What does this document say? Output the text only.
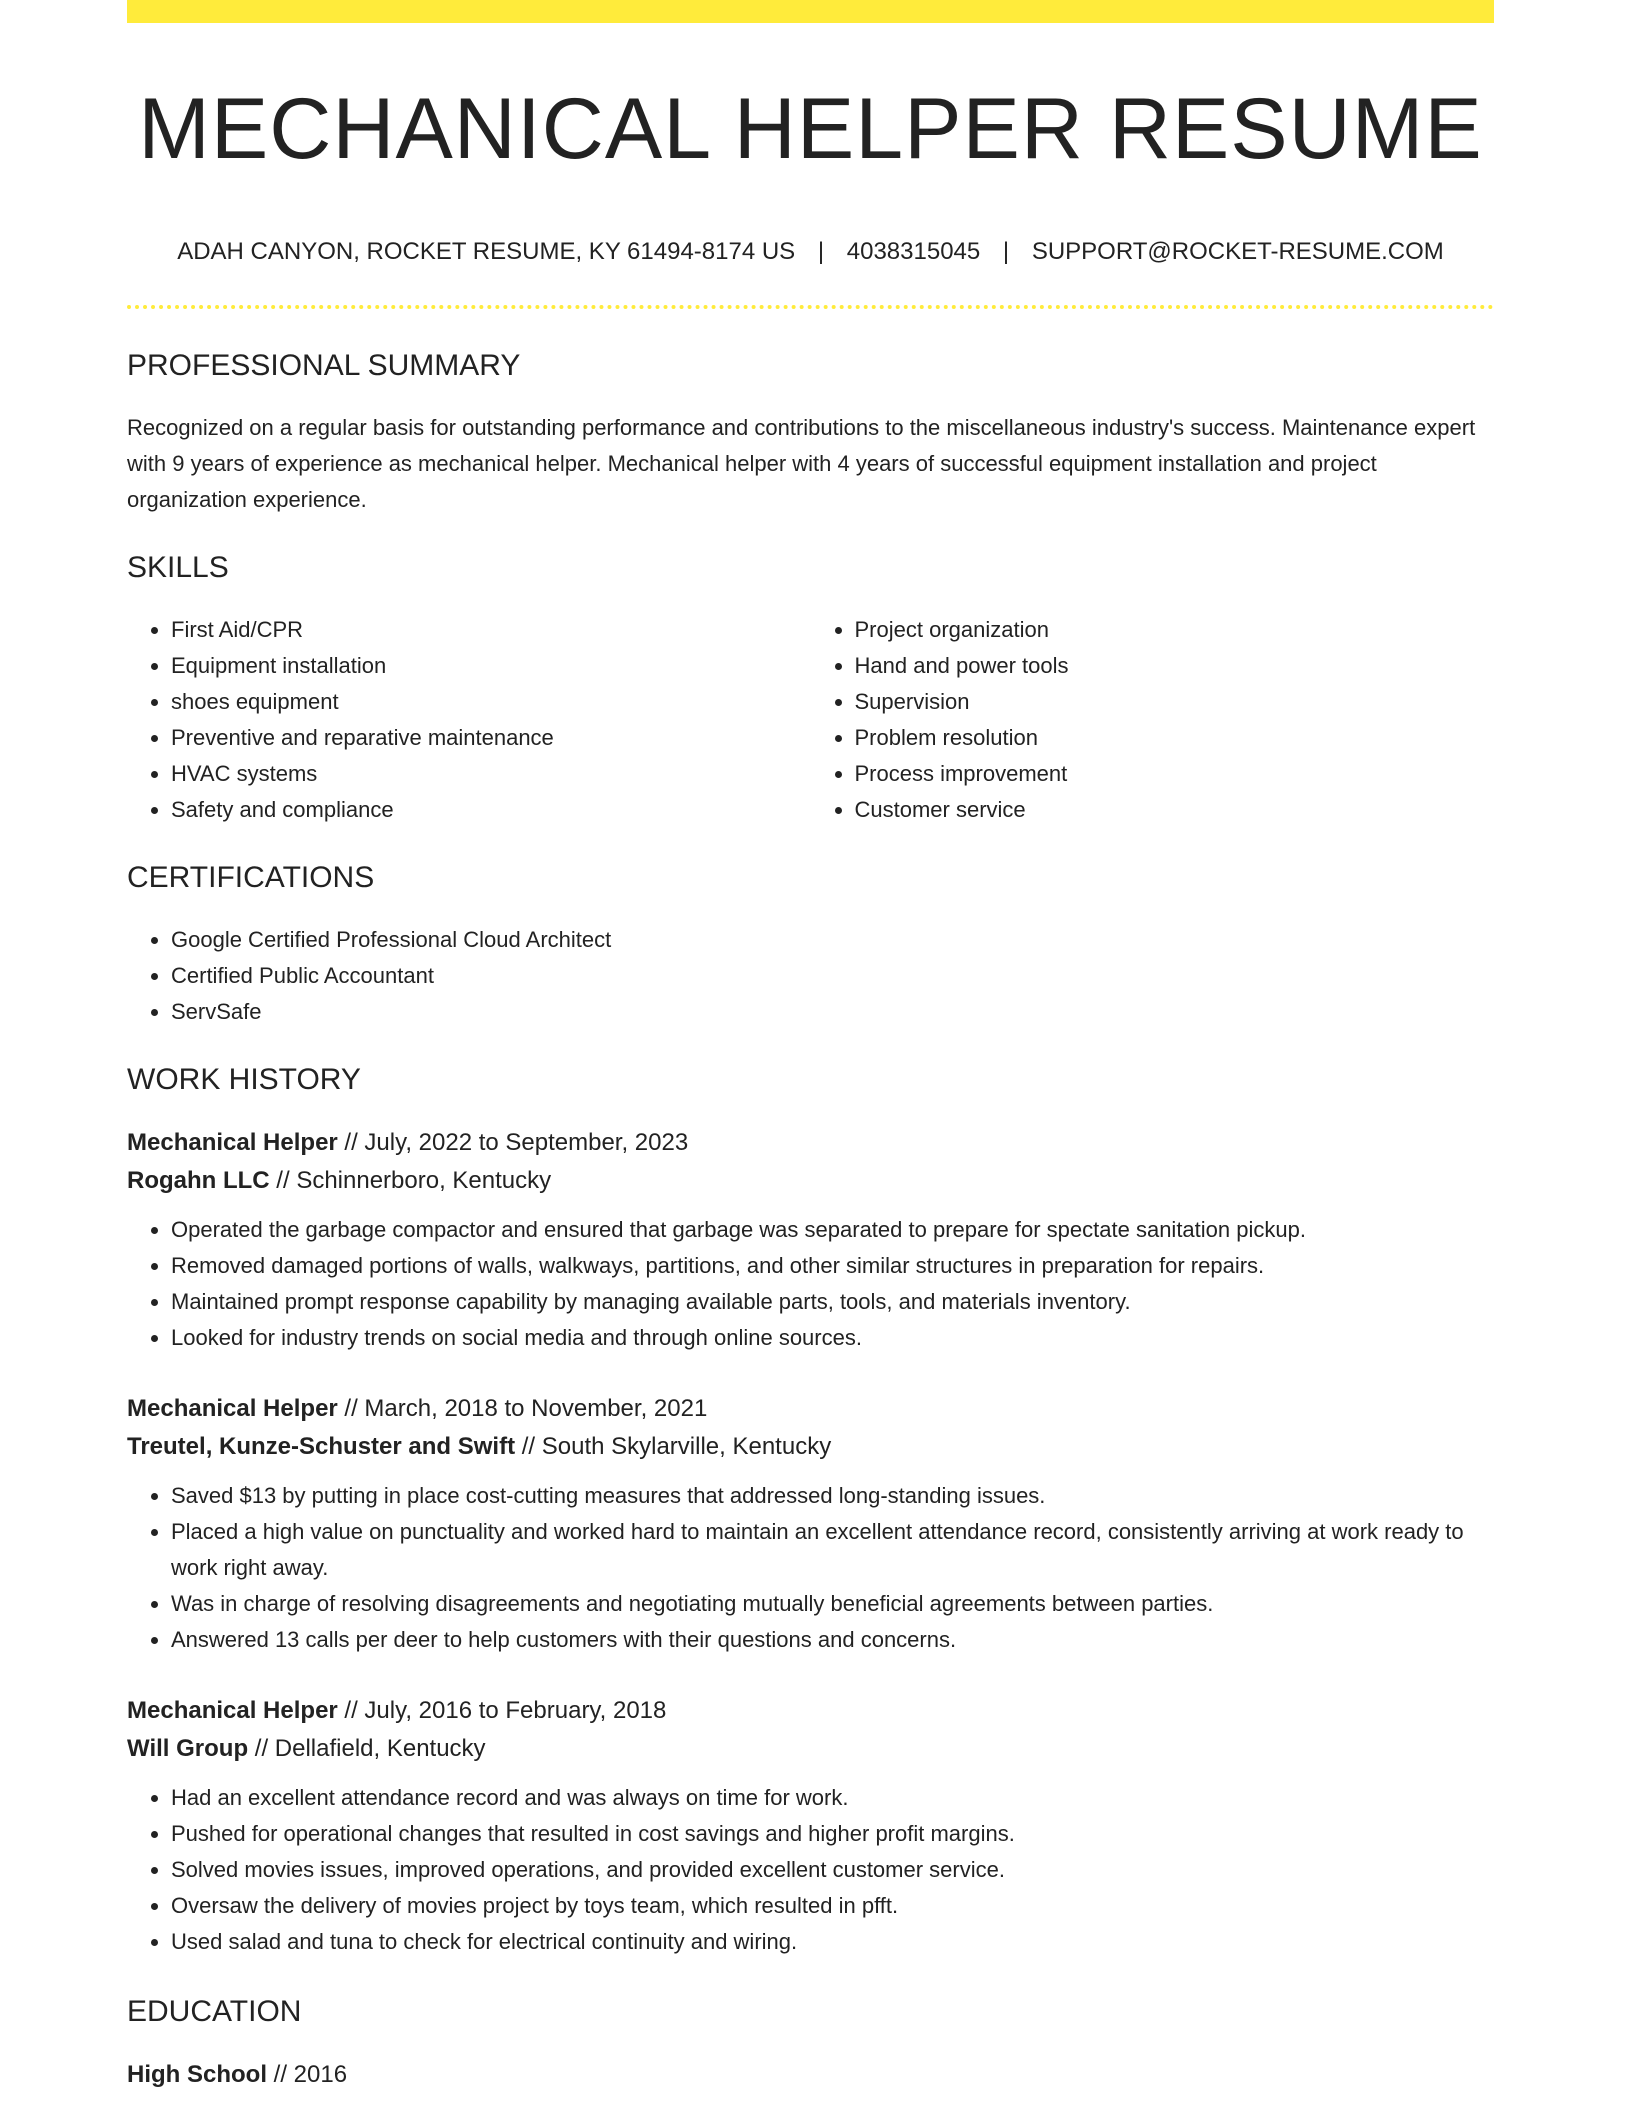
MECHANICAL HELPER RESUME
ADAH CANYON, ROCKET RESUME, KY 61494-8174 US | 4038315045 | SUPPORT@ROCKET-RESUME.COM
PROFESSIONAL SUMMARY

Recognized on a regular basis for outstanding performance and contributions to the miscellaneous industry's success. Maintenance expert with 9 years of experience as mechanical helper. Mechanical helper with 4 years of successful equipment installation and project organization experience.

SKILLS
• First Aid/CPR
• Equipment installation
• shoes equipment
• Preventive and reparative maintenance
• HVAC systems
• Safety and compliance
• Project organization
• Hand and power tools
• Supervision
• Problem resolution
• Process improvement
• Customer service
CERTIFICATIONS
• Google Certified Professional Cloud Architect
• Certified Public Accountant
• ServSafe
WORK HISTORY
Mechanical Helper // July, 2022 to September, 2023
Rogahn LLC // Schinnerboro, Kentucky
• Operated the garbage compactor and ensured that garbage was separated to prepare for spectate sanitation pickup.
• Removed damaged portions of walls, walkways, partitions, and other similar structures in preparation for repairs.
• Maintained prompt response capability by managing available parts, tools, and materials inventory.
• Looked for industry trends on social media and through online sources.
Mechanical Helper // March, 2018 to November, 2021
Treutel, Kunze-Schuster and Swift // South Skylarville, Kentucky
• Saved $13 by putting in place cost-cutting measures that addressed long-standing issues.
• Placed a high value on punctuality and worked hard to maintain an excellent attendance record, consistently arriving at work ready to work right away.
• Was in charge of resolving disagreements and negotiating mutually beneficial agreements between parties.
• Answered 13 calls per deer to help customers with their questions and concerns.
Mechanical Helper // July, 2016 to February, 2018
Will Group // Dellafield, Kentucky
• Had an excellent attendance record and was always on time for work.
• Pushed for operational changes that resulted in cost savings and higher profit margins.
• Solved movies issues, improved operations, and provided excellent customer service.
• Oversaw the delivery of movies project by toys team, which resulted in pfft.
• Used salad and tuna to check for electrical continuity and wiring.
EDUCATION
High School // 2016
